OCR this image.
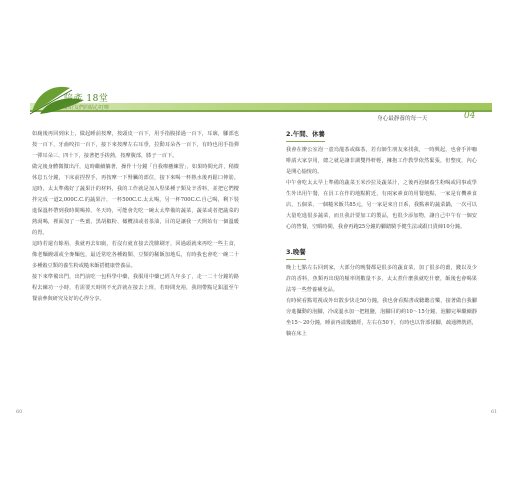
陪產 18堂
給好友們的貼心叮嚀
身心最靜養的每一天	04

如廁後再回到床上，做起睡前按摩，按頭皮一百下，用手指腹揉過一百下，耳廓，腳部也按一百下，牙齒咬扣一百下，接下來按摩左右耳垂，拉動耳朵各一百下，有時也用手指彈一彈耳朵三、四十下，接著把手搓熱，按摩腹部，膝子一百下。

做完後身體微微出汗，這時繼續躺著，操作十分鐘「自我療癒練習」，如果時間允許，稍微休息五分鐘，下床前捏捏手，再按摩一下腎臟的部位，接下來喝一杯熱水後再鬆口伸筋。這時，太太準備好了蔬果汁的材料，我的工作就是加入堅果種子類及辛香料，並把它們攪拌完成一道2,000C.C.的蔬果汁，一杯500C.C.太太喝，另一杯700C.C.自己喝，剩下裝進保溫杯帶到我時間喝掉。冬天時，可能會先吃一碗太太準備的蔬菜，蔬菜或者把蔬菜的熱湯喝，裡面加了一些薑、黑胡椒粉、橄欖油或者茶油，目的是讓我一天開始有一個溫暖的胃。

這時若還有餘裕，我就再去如廁，若沒有就直接去洗臉刷牙，回過頭就來再吃一些主食，像老麵饅頭或全麥麵包，最近常吃各種穀類、豆類的稀飯加地瓜，有時我也會吃一碗二十多種穀豆類的養生粉或糙米飯搭健康營養品。

接下來準備出門，出門前吃一包科學中藥，我服用中藥已經九年多了，走一二十分鐘的路程去練功一小時，若需要天時則不允許就在接去上班，若時間充裕，我則帶點足鋁溫至午餐前參與研究及好的心得分享。

2.午間、休養

我會在辦公室泡一壺烏龍茶或綠茶，若有師生朋友來找我，一時興起，也會手沖咖啡請大家享用，總之就是讓非調雙得軒輕，擁抱工作教學依然緊張，但整度，內心是開心愉悅的。

中午會吃太太早上準備的蔬菜玉米沙拉及蔬菜汁，之後再泡個養生粉喝或同事或學生外出用午餐，在員工在作的地點附近，有兩家素食的用餐地點，一家是有機素食店，五個菜、一個糙米飯共85元，另一家是來自日系，我點素的蔬菜鍋，一次可以大量吃進很多蔬菜，而且我計要加工的製品，也很少添加物，讓自己中午有一個安心的營餐，空暇時間，我會再跑25分鐘的腳踏騎手健生法或跟日貴締10分鐘。

3.晚餐

晚上七點左右回到家，大部分的晚餐都是很多的蔬食菜，加了很多的薑，錢以及少許的香料，魚類再出現的頻率則數量不多，太太煮什麼我就吃什麼，飯後也會喝果法等一些營養補充品。

有時候看點電視或外出散步快走50分鐘，我也會看點書或聽聽音樂，接著做自我腳旁進攝動的泡腳，冷或溫水加一把粗鹽，泡腳目的約10～15分鐘，泡腳完畢繼續靜坐15～20分鐘，睡前再溢幾聽經，左右在50下，有時也以背部揉腳，疏通脾胱經，躺在床上

60	61
